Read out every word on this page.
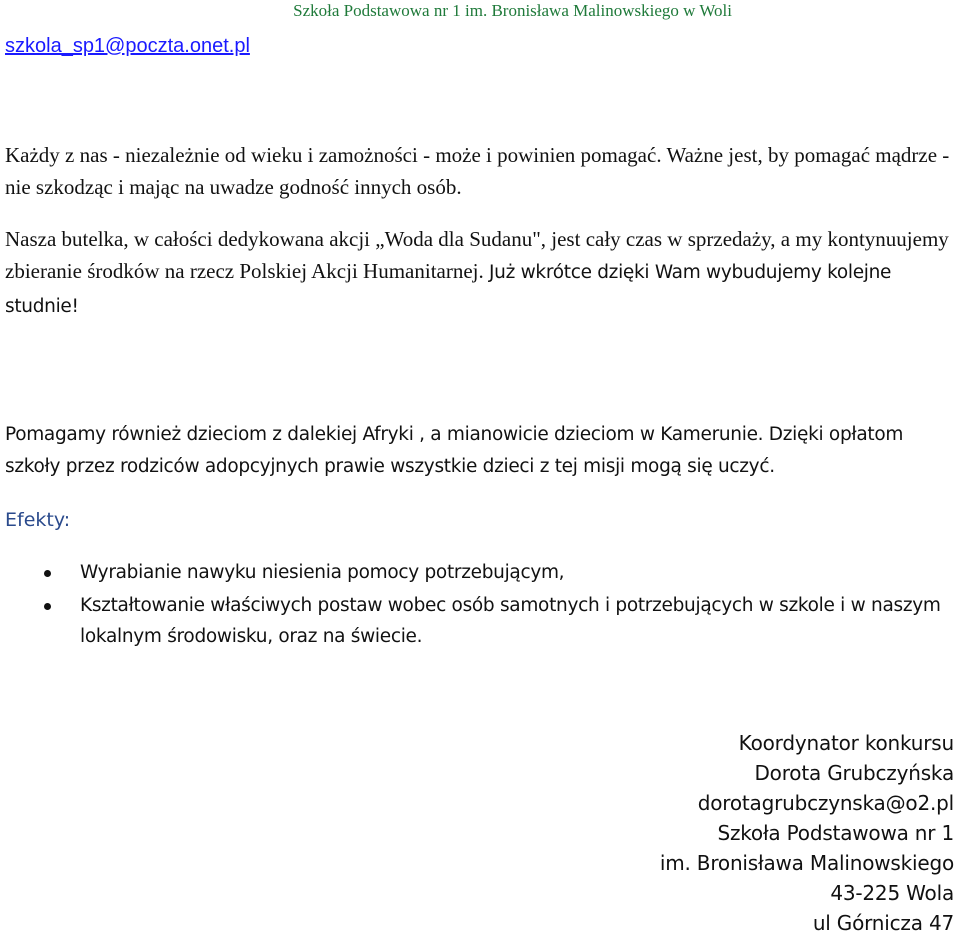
Szkoła Podstawowa nr 1 im. Bronisława Malinowskiego w Woli
szkola_sp1@poczta.onet.pl

Każdy z nas - niezależnie od wieku i zamożności - może i powinien pomagać. Ważne jest, by pomagać mądrze - nie szkodząc i mając na uwadze godność innych osób.

Nasza butelka, w całości dedykowana akcji „Woda dla Sudanu", jest cały czas w sprzedaży, a my kontynuujemy zbieranie środków na rzecz Polskiej Akcji Humanitarnej. Już wkrótce dzięki Wam wybudujemy kolejne studnie!

Pomagamy również dzieciom z dalekiej Afryki , a mianowicie dzieciom w Kamerunie. Dzięki opłatom szkoły przez rodziców adopcyjnych prawie wszystkie dzieci z tej misji mogą się uczyć.

Efekty:

Wyrabianie nawyku niesienia pomocy potrzebującym,
Kształtowanie właściwych postaw wobec osób samotnych i potrzebujących w szkole i w naszym lokalnym środowisku, oraz na świecie.
Koordynator konkursu
Dorota Grubczyńska
dorotagrubczynska@o2.pl
Szkoła Podstawowa nr 1
im. Bronisława Malinowskiego
43-225 Wola
ul Górnicza 47
